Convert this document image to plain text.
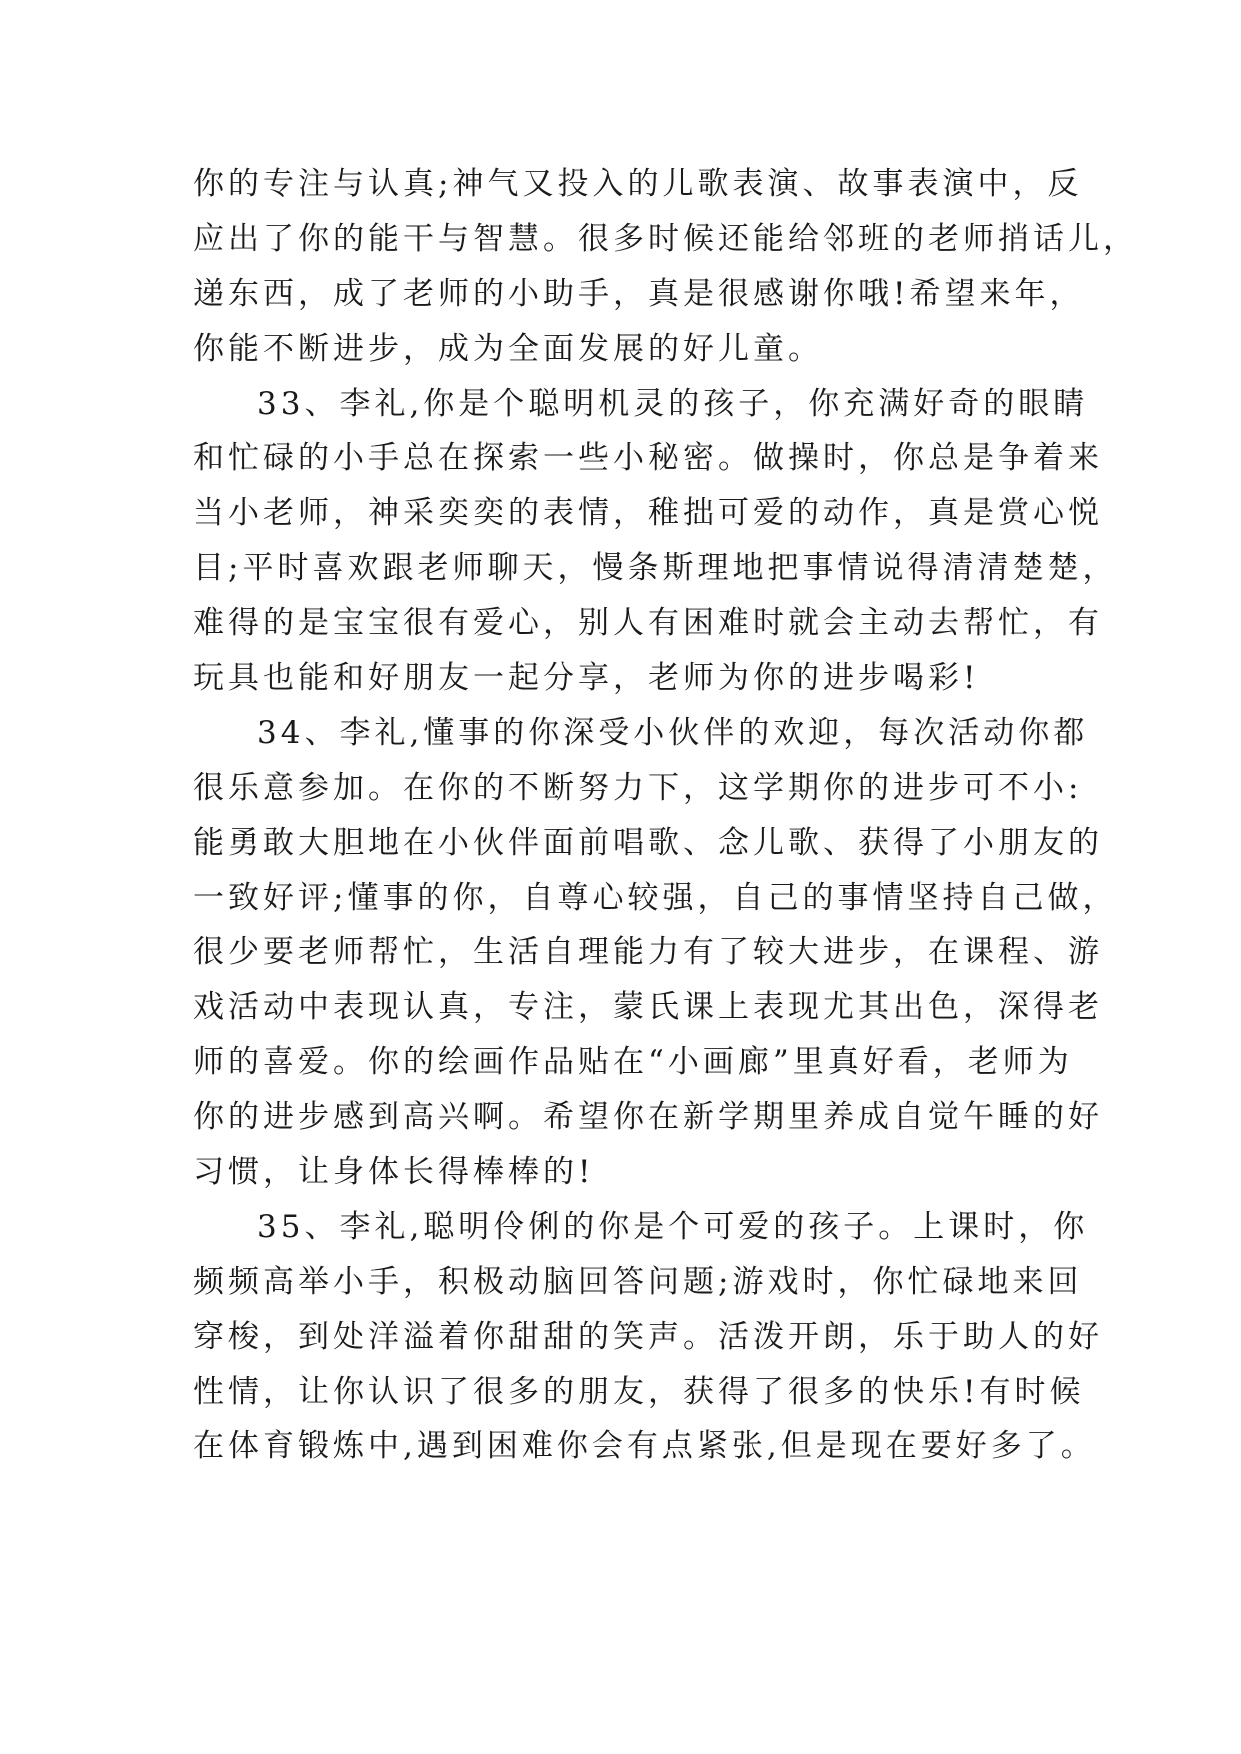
你的专注与认真;神气又投入的儿歌表演、故事表演中，反
应出了你的能干与智慧。很多时候还能给邻班的老师捎话儿，
递东西，成了老师的小助手，真是很感谢你哦!希望来年，
你能不断进步，成为全面发展的好儿童。
33、李礼,你是个聪明机灵的孩子，你充满好奇的眼睛
和忙碌的小手总在探索一些小秘密。做操时，你总是争着来
当小老师，神采奕奕的表情，稚拙可爱的动作，真是赏心悦
目;平时喜欢跟老师聊天，慢条斯理地把事情说得清清楚楚，
难得的是宝宝很有爱心，别人有困难时就会主动去帮忙，有
玩具也能和好朋友一起分享，老师为你的进步喝彩!
34、李礼,懂事的你深受小伙伴的欢迎，每次活动你都
很乐意参加。在你的不断努力下，这学期你的进步可不小:
能勇敢大胆地在小伙伴面前唱歌、念儿歌、获得了小朋友的
一致好评;懂事的你，自尊心较强，自己的事情坚持自己做，
很少要老师帮忙，生活自理能力有了较大进步，在课程、游
戏活动中表现认真，专注，蒙氏课上表现尤其出色，深得老
师的喜爱。你的绘画作品贴在“小画廊”里真好看，老师为
你的进步感到高兴啊。希望你在新学期里养成自觉午睡的好
习惯，让身体长得棒棒的!
35、李礼,聪明伶俐的你是个可爱的孩子。上课时，你
频频高举小手，积极动脑回答问题;游戏时，你忙碌地来回
穿梭，到处洋溢着你甜甜的笑声。活泼开朗，乐于助人的好
性情，让你认识了很多的朋友，获得了很多的快乐!有时候
在体育锻炼中,遇到困难你会有点紧张,但是现在要好多了。
